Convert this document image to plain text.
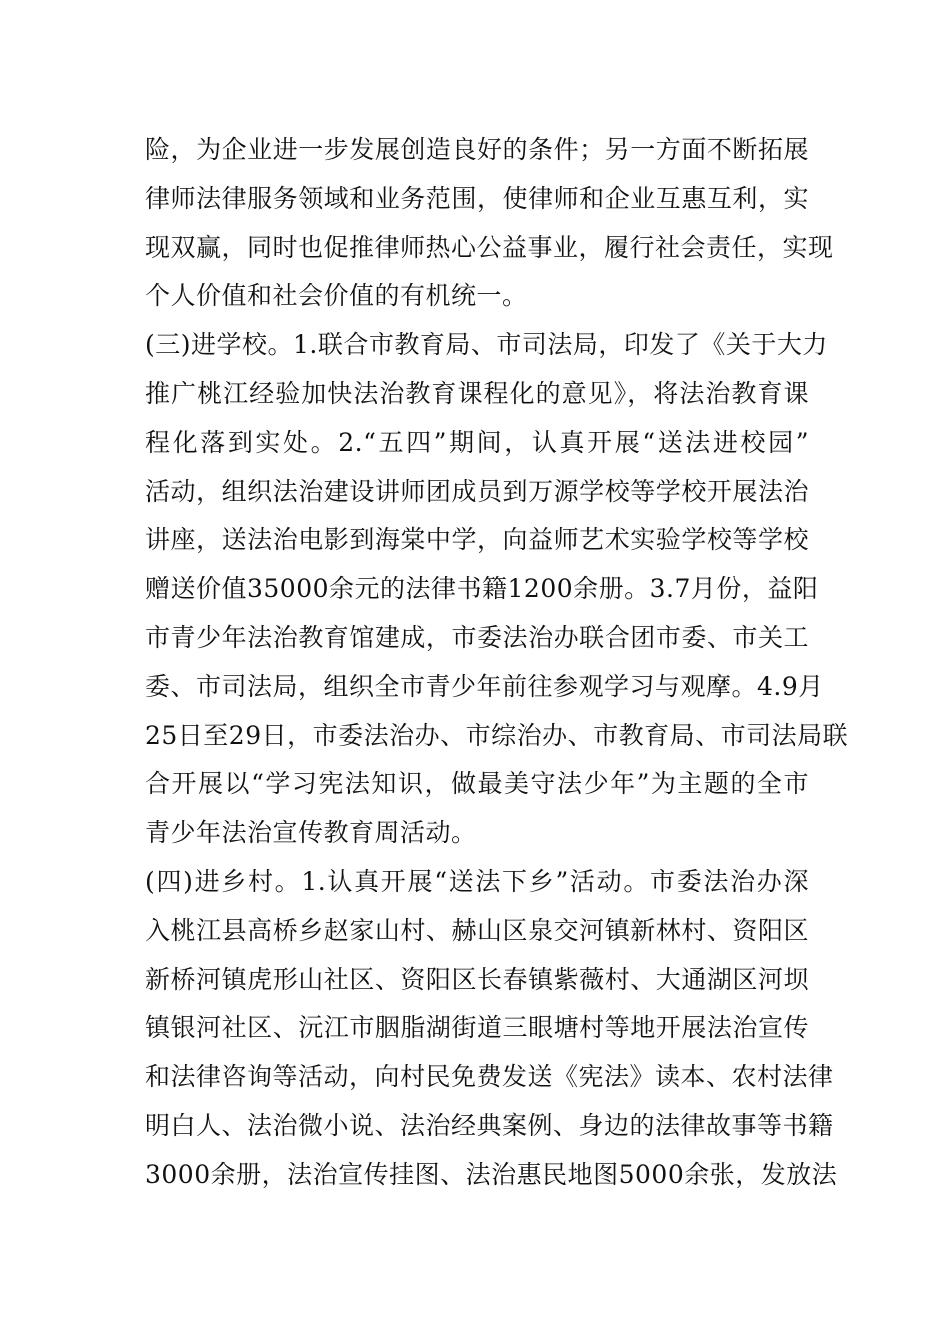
险，为企业进一步发展创造良好的条件；另一方面不断拓展
律师法律服务领域和业务范围，使律师和企业互惠互利，实
现双赢，同时也促推律师热心公益事业，履行社会责任，实现
个人价值和社会价值的有机统一。
(三)进学校。1.联合市教育局、市司法局，印发了《关于大力
推广桃江经验加快法治教育课程化的意见》，将法治教育课
程化落到实处。2.“五四”期间，认真开展“送法进校园”
活动，组织法治建设讲师团成员到万源学校等学校开展法治
讲座，送法治电影到海棠中学，向益师艺术实验学校等学校
赠送价值35000余元的法律书籍1200余册。3.7月份，益阳
市青少年法治教育馆建成，市委法治办联合团市委、市关工
委、市司法局，组织全市青少年前往参观学习与观摩。4.9月
25日至29日，市委法治办、市综治办、市教育局、市司法局联
合开展以“学习宪法知识，做最美守法少年”为主题的全市
青少年法治宣传教育周活动。
(四)进乡村。1.认真开展“送法下乡”活动。市委法治办深
入桃江县高桥乡赵家山村、赫山区泉交河镇新林村、资阳区
新桥河镇虎形山社区、资阳区长春镇紫薇村、大通湖区河坝
镇银河社区、沅江市胭脂湖街道三眼塘村等地开展法治宣传
和法律咨询等活动，向村民免费发送《宪法》读本、农村法律
明白人、法治微小说、法治经典案例、身边的法律故事等书籍
3000余册，法治宣传挂图、法治惠民地图5000余张，发放法
